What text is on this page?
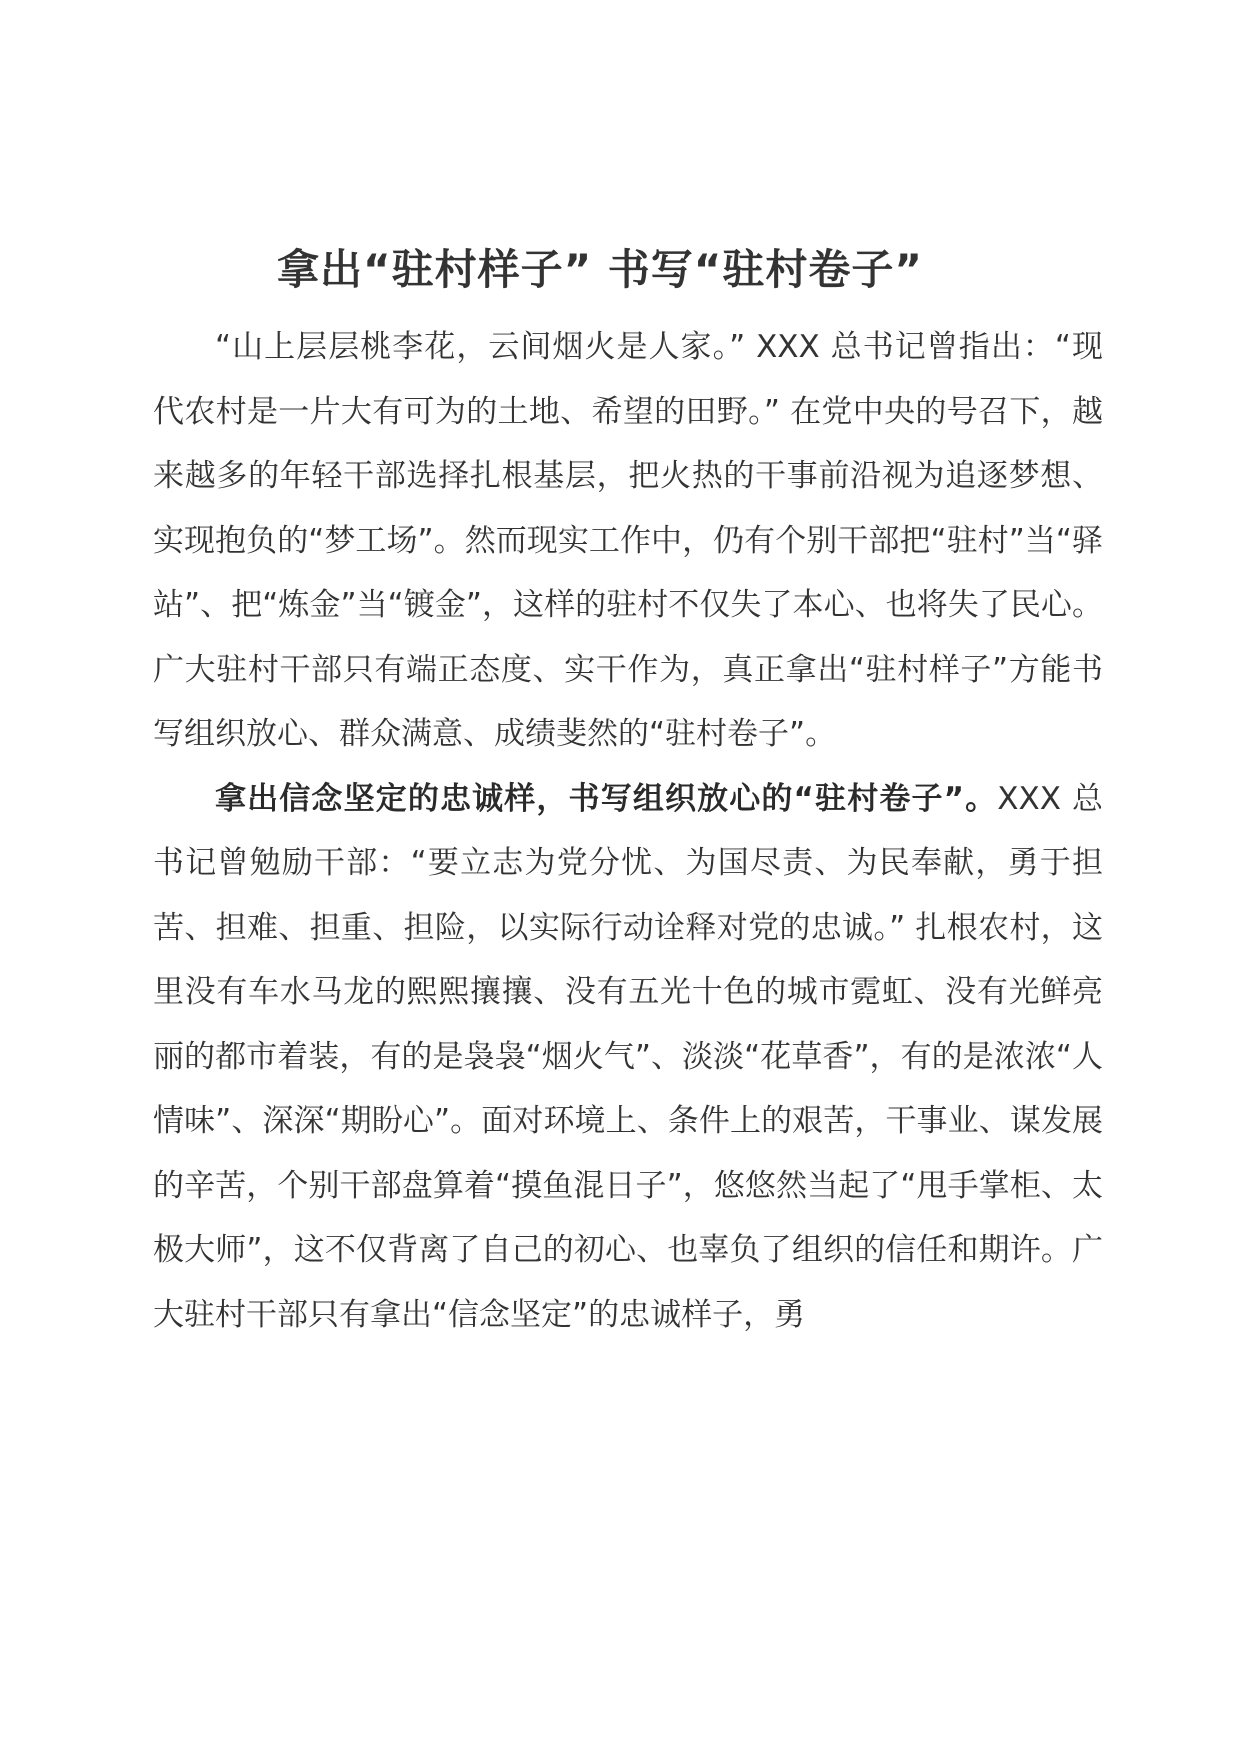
拿出“驻村样子” 书写“驻村卷子”

“山上层层桃李花，云间烟火是人家。” XXX 总书记曾指出：“现代农村是一片大有可为的土地、希望的田野。” 在党中央的号召下，越来越多的年轻干部选择扎根基层，把火热的干事前沿视为追逐梦想、实现抱负的“梦工场”。然而现实工作中，仍有个别干部把“驻村”当“驿站”、把“炼金”当“镀金”，这样的驻村不仅失了本心、也将失了民心。广大驻村干部只有端正态度、实干作为，真正拿出“驻村样子”方能书写组织放心、群众满意、成绩斐然的“驻村卷子”。

拿出信念坚定的忠诚样，书写组织放心的“驻村卷子”。XXX 总书记曾勉励干部：“要立志为党分忧、为国尽责、为民奉献，勇于担苦、担难、担重、担险，以实际行动诠释对党的忠诚。” 扎根农村，这里没有车水马龙的熙熙攘攘、没有五光十色的城市霓虹、没有光鲜亮丽的都市着装，有的是袅袅“烟火气”、淡淡“花草香”，有的是浓浓“人情味”、深深“期盼心”。面对环境上、条件上的艰苦，干事业、谋发展的辛苦，个别干部盘算着“摸鱼混日子”，悠悠然当起了“甩手掌柜、太极大师”，这不仅背离了自己的初心、也辜负了组织的信任和期许。广大驻村干部只有拿出“信念坚定”的忠诚样子，勇
